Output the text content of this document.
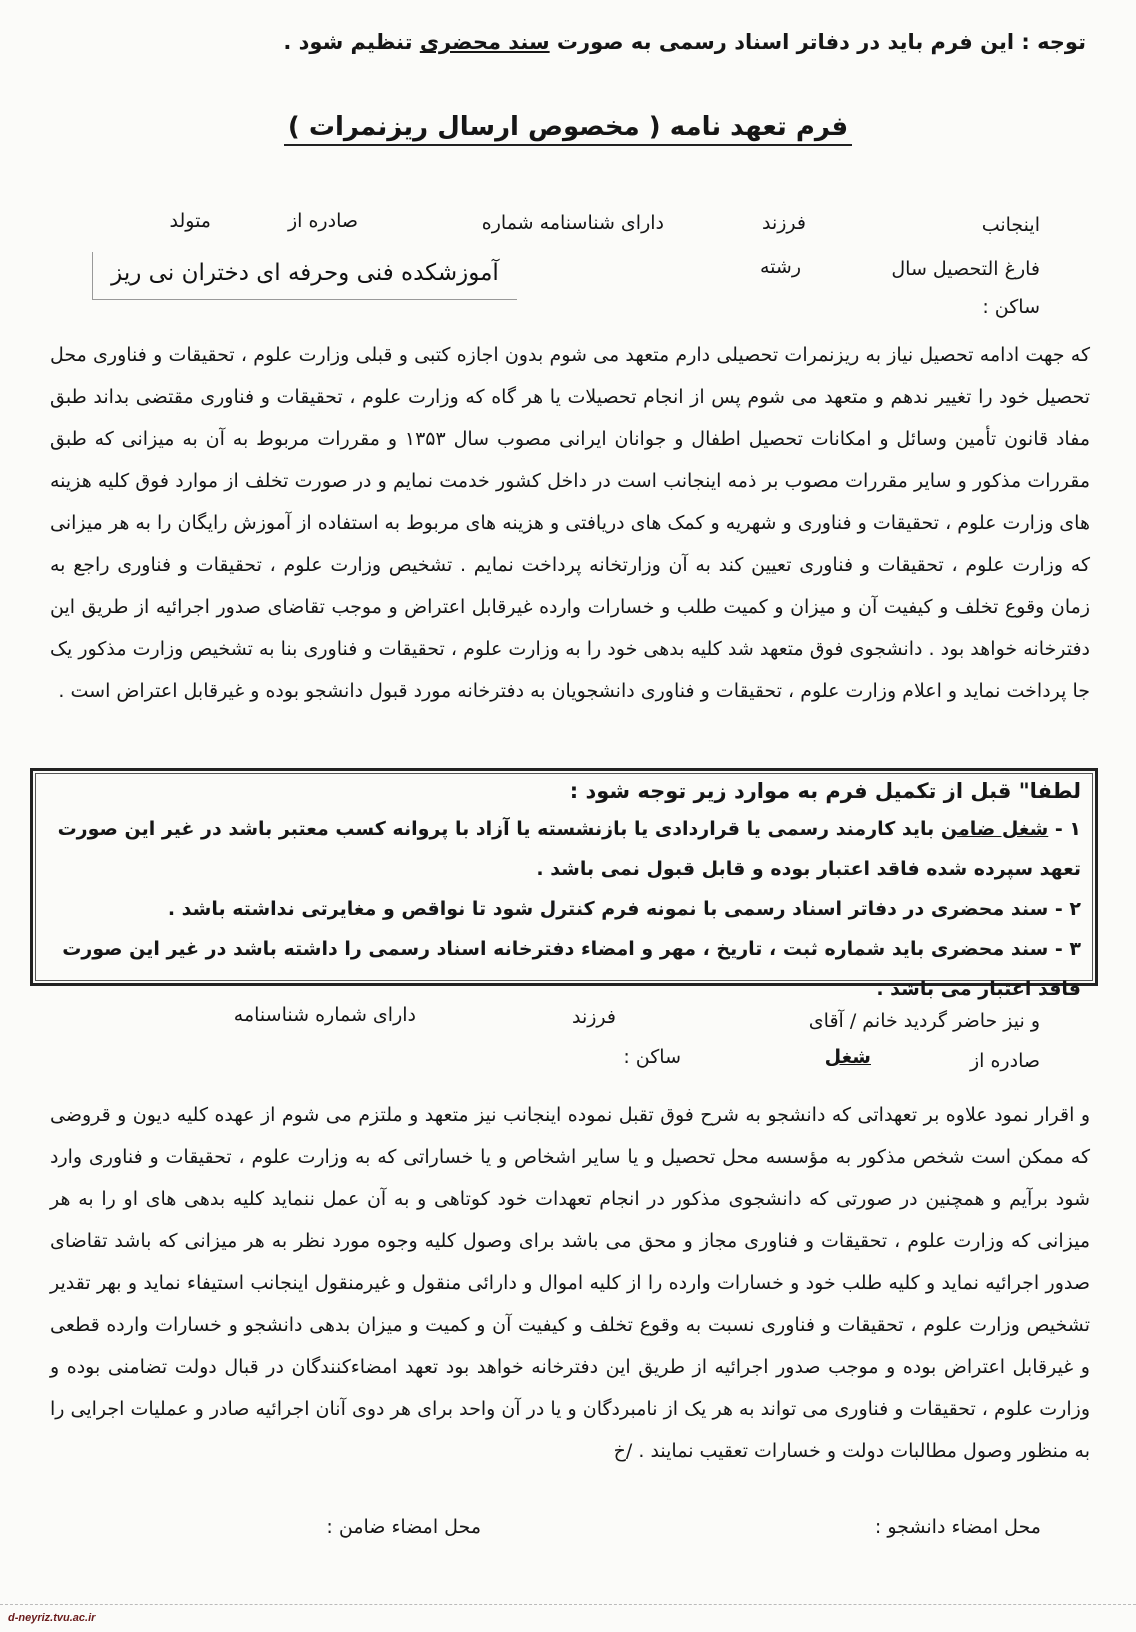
توجه : این فرم باید در دفاتر اسناد رسمی به صورت سند محضری تنظیم شود .
فرم تعهد نامه ( مخصوص ارسال ریزنمرات )
اینجانب
فرزند
دارای شناسنامه شماره
صادره از
متولد
فارغ التحصیل سال
رشته
آموزشکده فنی وحرفه ای دختران نی ریز
ساکن :
که جهت ادامه تحصیل نیاز به ریزنمرات تحصیلی دارم متعهد می شوم بدون اجازه کتبی و قبلی وزارت علوم ، تحقیقات و فناوری محل تحصیل خود را تغییر ندهم و متعهد می شوم پس از انجام تحصیلات یا هر گاه که وزارت علوم ، تحقیقات و فناوری مقتضی بداند طبق مفاد قانون تأمین وسائل و امکانات تحصیل اطفال و جوانان ایرانی مصوب سال ۱۳۵۳ و مقررات مربوط به آن به میزانی که طبق مقررات مذکور و سایر مقررات مصوب بر ذمه اینجانب است در داخل کشور خدمت نمایم و در صورت تخلف از موارد فوق کلیه هزینه های وزارت علوم ، تحقیقات و فناوری و شهریه و کمک های دریافتی و هزینه های مربوط به استفاده از آموزش رایگان را به هر میزانی که وزارت علوم ، تحقیقات و فناوری تعیین کند به آن وزارتخانه پرداخت نمایم . تشخیص وزارت علوم ، تحقیقات و فناوری راجع به زمان وقوع تخلف و کیفیت آن و میزان و کمیت طلب و خسارات وارده غیرقابل اعتراض و موجب تقاضای صدور اجرائیه از طریق این دفترخانه خواهد بود . دانشجوی فوق متعهد شد کلیه بدهی خود را به وزارت علوم ، تحقیقات و فناوری بنا به تشخیص وزارت مذکور یک جا پرداخت نماید و اعلام وزارت علوم ، تحقیقات و فناوری دانشجویان به دفترخانه مورد قبول دانشجو بوده و غیرقابل اعتراض است .
لطفا" قبل از تکمیل فرم به موارد زیر توجه شود :
۱ - شغل ضامن باید کارمند رسمی یا قراردادی یا بازنشسته یا آزاد با پروانه کسب معتبر باشد در غیر این صورت تعهد سپرده شده فاقد اعتبار بوده و قابل قبول نمی باشد .
۲ - سند محضری در دفاتر اسناد رسمی با نمونه فرم کنترل شود تا نواقص و مغایرتی نداشته باشد .
۳ - سند محضری باید شماره ثبت ، تاریخ ، مهر و امضاء دفترخانه اسناد رسمی را داشته باشد در غیر این صورت فاقد اعتبار می باشد .
و نیز حاضر گردید خانم / آقای
فرزند
دارای شماره شناسنامه
صادره از
شغل
ساکن :
و اقرار نمود علاوه بر تعهداتی که دانشجو به شرح فوق تقبل نموده اینجانب نیز متعهد و ملتزم می شوم از عهده کلیه دیون و قروضی که ممکن است شخص مذکور به مؤسسه محل تحصیل و یا سایر اشخاص و یا خساراتی که به وزارت علوم ، تحقیقات و فناوری وارد شود برآیم و همچنین در صورتی که دانشجوی مذکور در انجام تعهدات خود کوتاهی و به آن عمل ننماید کلیه بدهی های او را به هر میزانی که وزارت علوم ، تحقیقات و فناوری مجاز و محق می باشد برای وصول کلیه وجوه مورد نظر به هر میزانی که باشد تقاضای صدور اجرائیه نماید و کلیه طلب خود و خسارات وارده را از کلیه اموال و دارائی منقول و غیرمنقول اینجانب استیفاء نماید و بهر تقدیر تشخیص وزارت علوم ، تحقیقات و فناوری نسبت به وقوع تخلف و کیفیت آن و کمیت و میزان بدهی دانشجو و خسارات وارده قطعی و غیرقابل اعتراض بوده و موجب صدور اجرائیه از طریق این دفترخانه خواهد بود تعهد امضاءکنندگان در قبال دولت تضامنی بوده و وزارت علوم ، تحقیقات و فناوری می تواند به هر یک از نامبردگان و یا در آن واحد برای هر دوی آنان اجرائیه صادر و عملیات اجرایی را به منظور وصول مطالبات دولت و خسارات تعقیب نمایند . /خ
محل امضاء دانشجو :
محل امضاء ضامن :
d-neyriz.tvu.ac.ir
